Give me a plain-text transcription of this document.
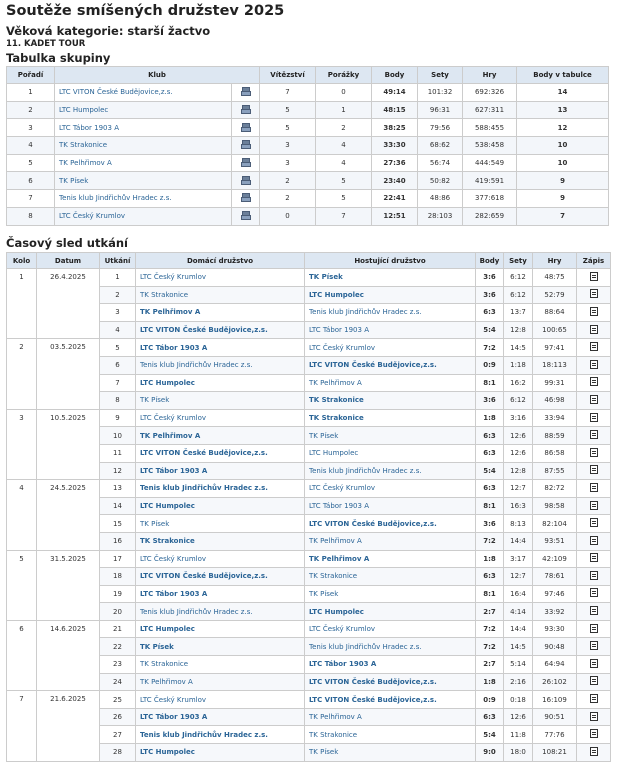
Soutěže smíšených družstev 2025
Věková kategorie: starší žactvo
11. KADET TOUR
Tabulka skupiny
Pořadí	Klub		Vítězství	Porážky	Body	Sety	Hry	Body v tabulce
1	LTC VITON České Budějovice,z.s.		7	0	49:14	101:32	692:326	14
2	LTC Humpolec		5	1	48:15	96:31	627:311	13
3	LTC Tábor 1903 A		5	2	38:25	79:56	588:455	12
4	TK Strakonice		3	4	33:30	68:62	538:458	10
5	TK Pelhřimov A		3	4	27:36	56:74	444:549	10
6	TK Písek		2	5	23:40	50:82	419:591	9
7	Tenis klub Jindřichův Hradec z.s.		2	5	22:41	48:86	377:618	9
8	LTC Český Krumlov		0	7	12:51	28:103	282:659	7
Časový sled utkání
Kolo	Datum	Utkání	Domácí družstvo	Hostující družstvo	Body	Sety	Hry	Zápis
1	26.4.2025	1	LTC Český Krumlov	TK Písek	3:6	6:12	48:75	
		2	TK Strakonice	LTC Humpolec	3:6	6:12	52:79	
		3	TK Pelhřimov A	Tenis klub Jindřichův Hradec z.s.	6:3	13:7	88:64	
		4	LTC VITON České Budějovice,z.s.	LTC Tábor 1903 A	5:4	12:8	100:65	
2	03.5.2025	5	LTC Tábor 1903 A	LTC Český Krumlov	7:2	14:5	97:41	
		6	Tenis klub Jindřichův Hradec z.s.	LTC VITON České Budějovice,z.s.	0:9	1:18	18:113	
		7	LTC Humpolec	TK Pelhřimov A	8:1	16:2	99:31	
		8	TK Písek	TK Strakonice	3:6	6:12	46:98	
3	10.5.2025	9	LTC Český Krumlov	TK Strakonice	1:8	3:16	33:94	
		10	TK Pelhřimov A	TK Písek	6:3	12:6	88:59	
		11	LTC VITON České Budějovice,z.s.	LTC Humpolec	6:3	12:6	86:58	
		12	LTC Tábor 1903 A	Tenis klub Jindřichův Hradec z.s.	5:4	12:8	87:55	
4	24.5.2025	13	Tenis klub Jindřichův Hradec z.s.	LTC Český Krumlov	6:3	12:7	82:72	
		14	LTC Humpolec	LTC Tábor 1903 A	8:1	16:3	98:58	
		15	TK Písek	LTC VITON České Budějovice,z.s.	3:6	8:13	82:104	
		16	TK Strakonice	TK Pelhřimov A	7:2	14:4	93:51	
5	31.5.2025	17	LTC Český Krumlov	TK Pelhřimov A	1:8	3:17	42:109	
		18	LTC VITON České Budějovice,z.s.	TK Strakonice	6:3	12:7	78:61	
		19	LTC Tábor 1903 A	TK Písek	8:1	16:4	97:46	
		20	Tenis klub Jindřichův Hradec z.s.	LTC Humpolec	2:7	4:14	33:92	
6	14.6.2025	21	LTC Humpolec	LTC Český Krumlov	7:2	14:4	93:30	
		22	TK Písek	Tenis klub Jindřichův Hradec z.s.	7:2	14:5	90:48	
		23	TK Strakonice	LTC Tábor 1903 A	2:7	5:14	64:94	
		24	TK Pelhřimov A	LTC VITON České Budějovice,z.s.	1:8	2:16	26:102	
7	21.6.2025	25	LTC Český Krumlov	LTC VITON České Budějovice,z.s.	0:9	0:18	16:109	
		26	LTC Tábor 1903 A	TK Pelhřimov A	6:3	12:6	90:51	
		27	Tenis klub Jindřichův Hradec z.s.	TK Strakonice	5:4	11:8	77:76	
		28	LTC Humpolec	TK Písek	9:0	18:0	108:21	
